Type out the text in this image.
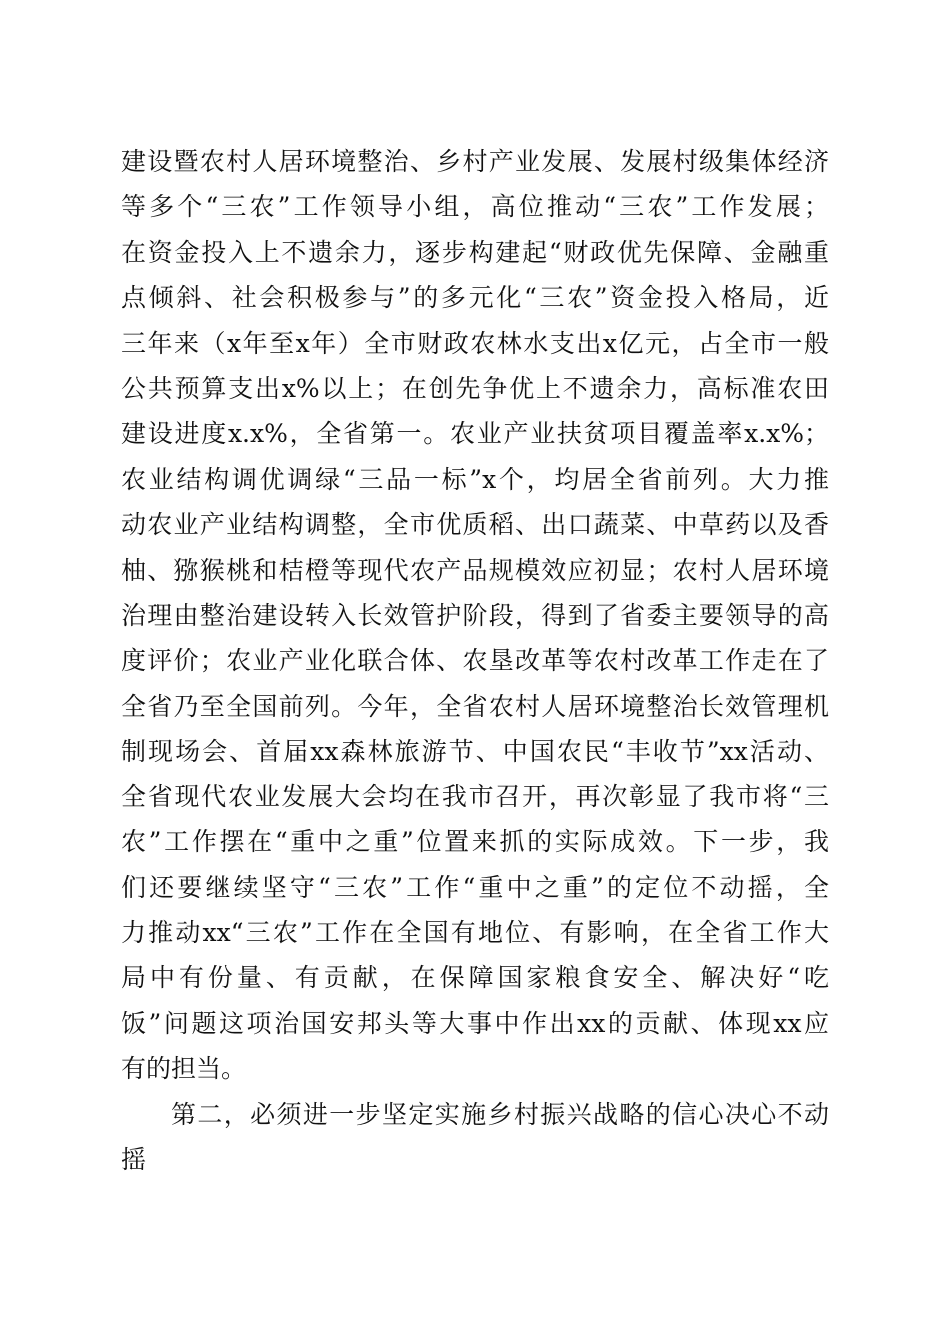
建设暨农村人居环境整治、乡村产业发展、发展村级集体经济
等多个“三农”工作领导小组，高位推动“三农”工作发展；
在资金投入上不遗余力，逐步构建起“财政优先保障、金融重
点倾斜、社会积极参与”的多元化“三农”资金投入格局，近
三年来（x年至x年）全市财政农林水支出x亿元，占全市一般
公共预算支出x%以上；在创先争优上不遗余力，高标准农田
建设进度x.x%，全省第一。农业产业扶贫项目覆盖率x.x%；
农业结构调优调绿“三品一标”x个，均居全省前列。大力推
动农业产业结构调整，全市优质稻、出口蔬菜、中草药以及香
柚、猕猴桃和桔橙等现代农产品规模效应初显；农村人居环境
治理由整治建设转入长效管护阶段，得到了省委主要领导的高
度评价；农业产业化联合体、农垦改革等农村改革工作走在了
全省乃至全国前列。今年，全省农村人居环境整治长效管理机
制现场会、首届xx森林旅游节、中国农民“丰收节”xx活动、
全省现代农业发展大会均在我市召开，再次彰显了我市将“三
农”工作摆在“重中之重”位置来抓的实际成效。下一步，我
们还要继续坚守“三农”工作“重中之重”的定位不动摇，全
力推动xx“三农”工作在全国有地位、有影响，在全省工作大
局中有份量、有贡献，在保障国家粮食安全、解决好“吃
饭”问题这项治国安邦头等大事中作出xx的贡献、体现xx应
有的担当。
第二，必须进一步坚定实施乡村振兴战略的信心决心不动
摇
